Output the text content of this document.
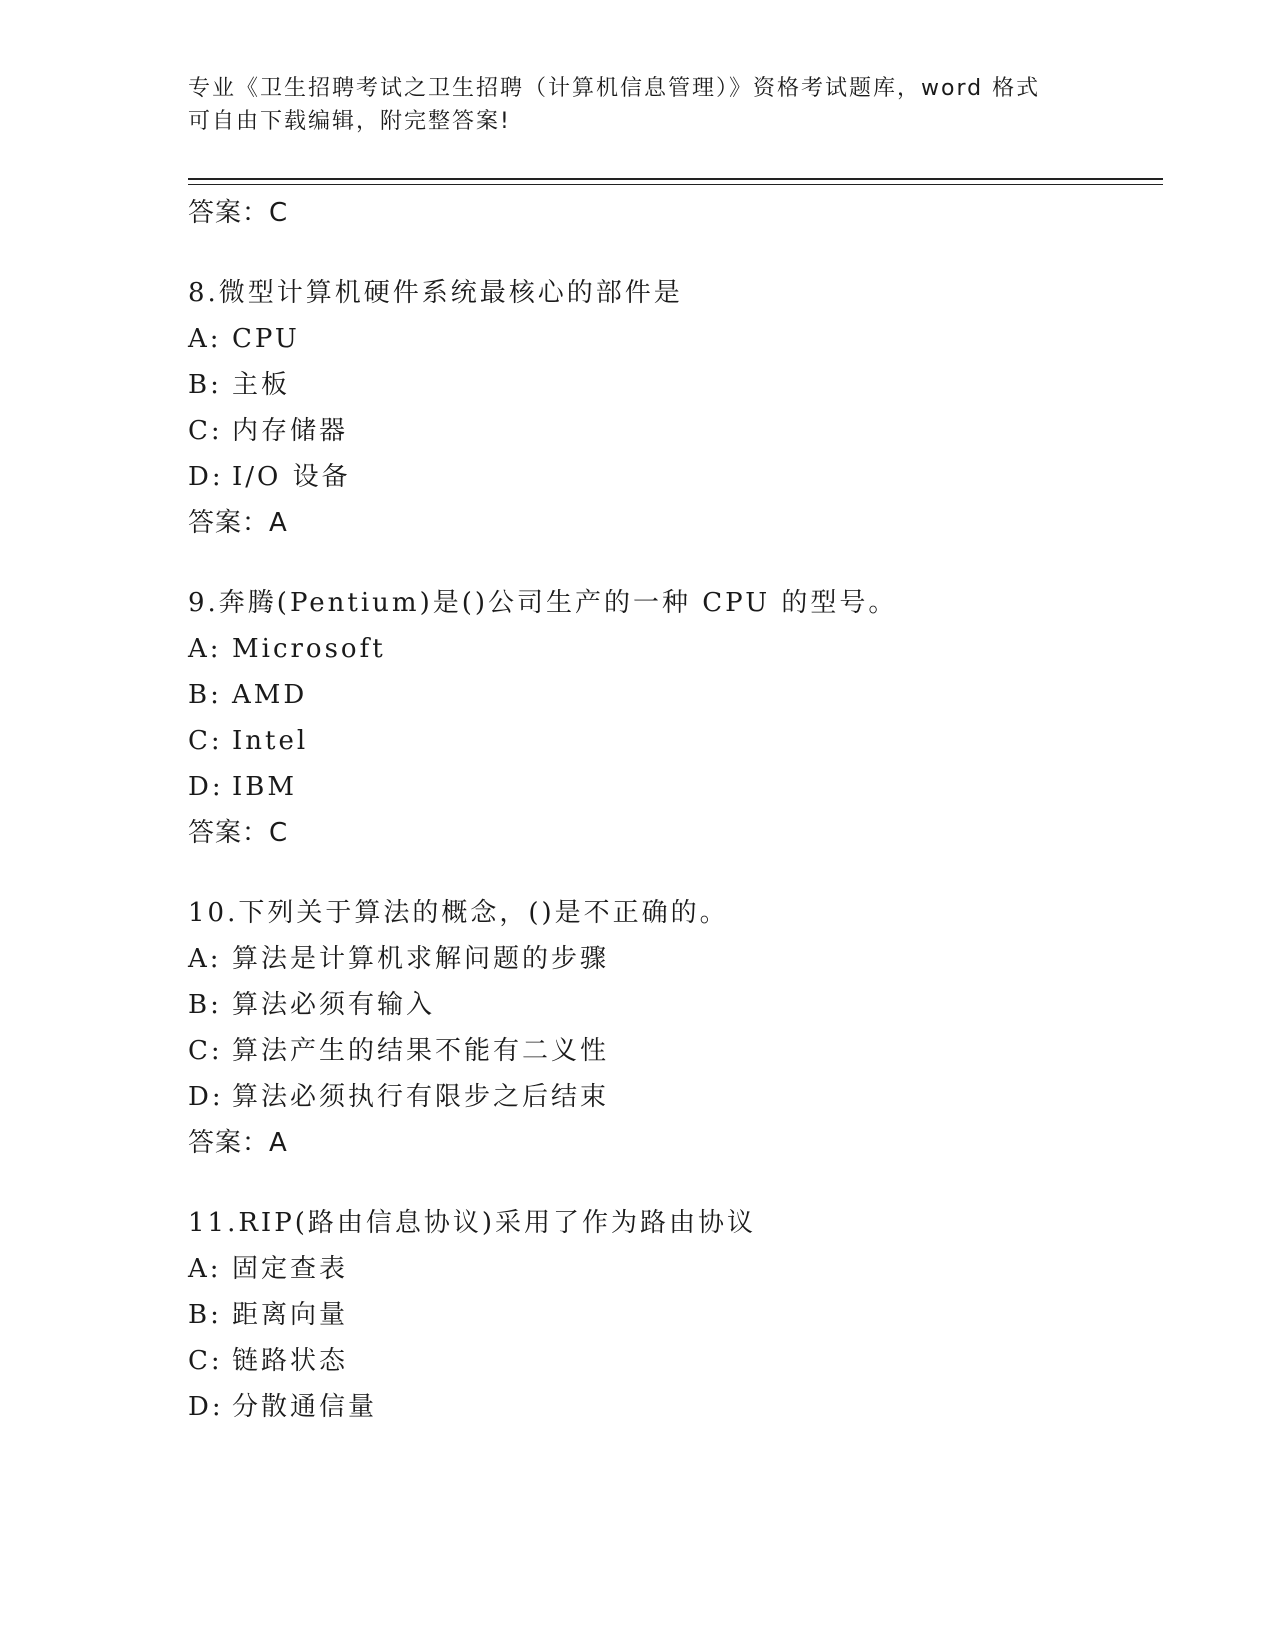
专业《卫生招聘考试之卫生招聘（计算机信息管理）》资格考试题库，word 格式
可自由下载编辑，附完整答案!
答案：C
8.微型计算机硬件系统最核心的部件是
A: CPU
B: 主板
C: 内存储器
D: I/O 设备
答案：A
9.奔腾(Pentium)是()公司生产的一种 CPU 的型号。
A: Microsoft
B: AMD
C: Intel
D: IBM
答案：C
10.下列关于算法的概念，()是不正确的。
A: 算法是计算机求解问题的步骤
B: 算法必须有输入
C: 算法产生的结果不能有二义性
D: 算法必须执行有限步之后结束
答案：A
11.RIP(路由信息协议)采用了作为路由协议
A: 固定查表
B: 距离向量
C: 链路状态
D: 分散通信量
